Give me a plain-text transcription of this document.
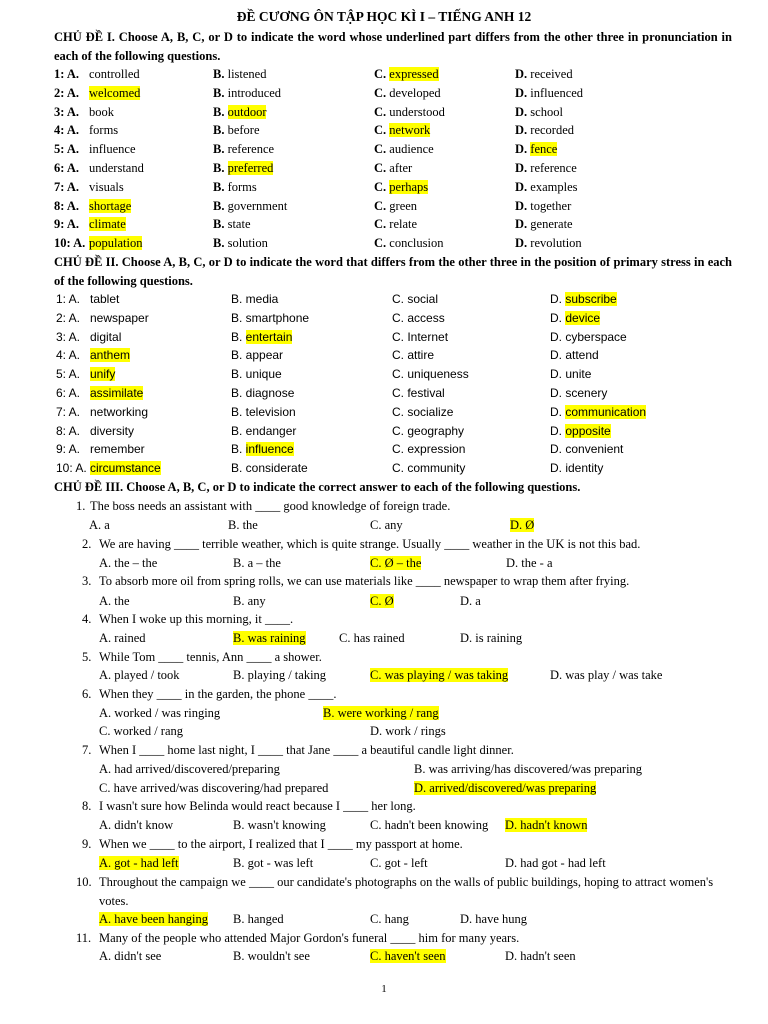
ĐỀ CƯƠNG ÔN TẬP HỌC KÌ I – TIẾNG ANH 12
CHỦ ĐỀ I. Choose A, B, C, or D to indicate the word whose underlined part differs from the other three in pronunciation in each of the following questions.
1: A. controlled	B. listened	C. expressed	D. received
2: A. welcomed	B. introduced	C. developed	D. influenced
3: A. book	B. outdoor	C. understood	D. school
4: A. forms	B. before	C. network	D. recorded
5: A. influence	B. reference	C. audience	D. fence
6: A. understand	B. preferred	C. after	D. reference
7: A. visuals	B. forms	C. perhaps	D. examples
8: A. shortage	B. government	C. green	D. together
9: A. climate	B. state	C. relate	D. generate
10: A. population	B. solution	C. conclusion	D. revolution
CHỦ ĐỀ II. Choose A, B, C, or D to indicate the word that differs from the other three in the position of primary stress in each of the following questions.
1: A. tablet	B. media	C. social	D. subscribe
2: A. newspaper	B. smartphone	C. access	D. device
3: A. digital	B. entertain	C. Internet	D. cyberspace
4: A. anthem	B. appear	C. attire	D. attend
5: A. unify	B. unique	C. uniqueness	D. unite
6: A. assimilate	B. diagnose	C. festival	D. scenery
7: A. networking	B. television	C. socialize	D. communication
8: A. diversity	B. endanger	C. geography	D. opposite
9: A. remember	B. influence	C. expression	D. convenient
10: A. circumstance	B. considerate	C. community	D. identity
CHỦ ĐỀ III. Choose A, B, C, or D to indicate the correct answer to each of the following questions.
1. The boss needs an assistant with ____ good knowledge of foreign trade.
A. a	B. the	C. any	D. Ø
2. We are having ____ terrible weather, which is quite strange. Usually ____ weather in the UK is not this bad.
A. the – the	B. a – the	C. Ø – the	D. the - a
3. To absorb more oil from spring rolls, we can use materials like ____ newspaper to wrap them after frying.
A. the	B. any	C. Ø	D. a
4. When I woke up this morning, it ____.
A. rained	B. was raining	C. has rained	D. is raining
5. While Tom ____ tennis, Ann ____ a shower.
A. played / took	B. playing / taking	C. was playing / was taking	D. was play / was take
6. When they ____ in the garden, the phone ____.
A. worked / was ringing	B. were working / rang
C. worked / rang	D. work / rings
7. When I ____ home last night, I ____ that Jane ____ a beautiful candle light dinner.
A. had arrived/discovered/preparing	B. was arriving/has discovered/was preparing
C. have arrived/was discovering/had prepared	D. arrived/discovered/was preparing
8. I wasn't sure how Belinda would react because I ____ her long.
A. didn't know	B. wasn't knowing	C. hadn't been knowing D. hadn't known
9. When we ____ to the airport, I realized that I ____ my passport at home.
A. got - had left	B. got - was left	C. got - left	D. had got - had left
10. Throughout the campaign we ____ our candidate's photographs on the walls of public buildings, hoping to attract women's votes.
A. have been hanging B. hanged	C. hang	D. have hung
11. Many of the people who attended Major Gordon's funeral ____ him for many years.
A. didn't see	B. wouldn't see	C. haven't seen	D. hadn't seen
1
